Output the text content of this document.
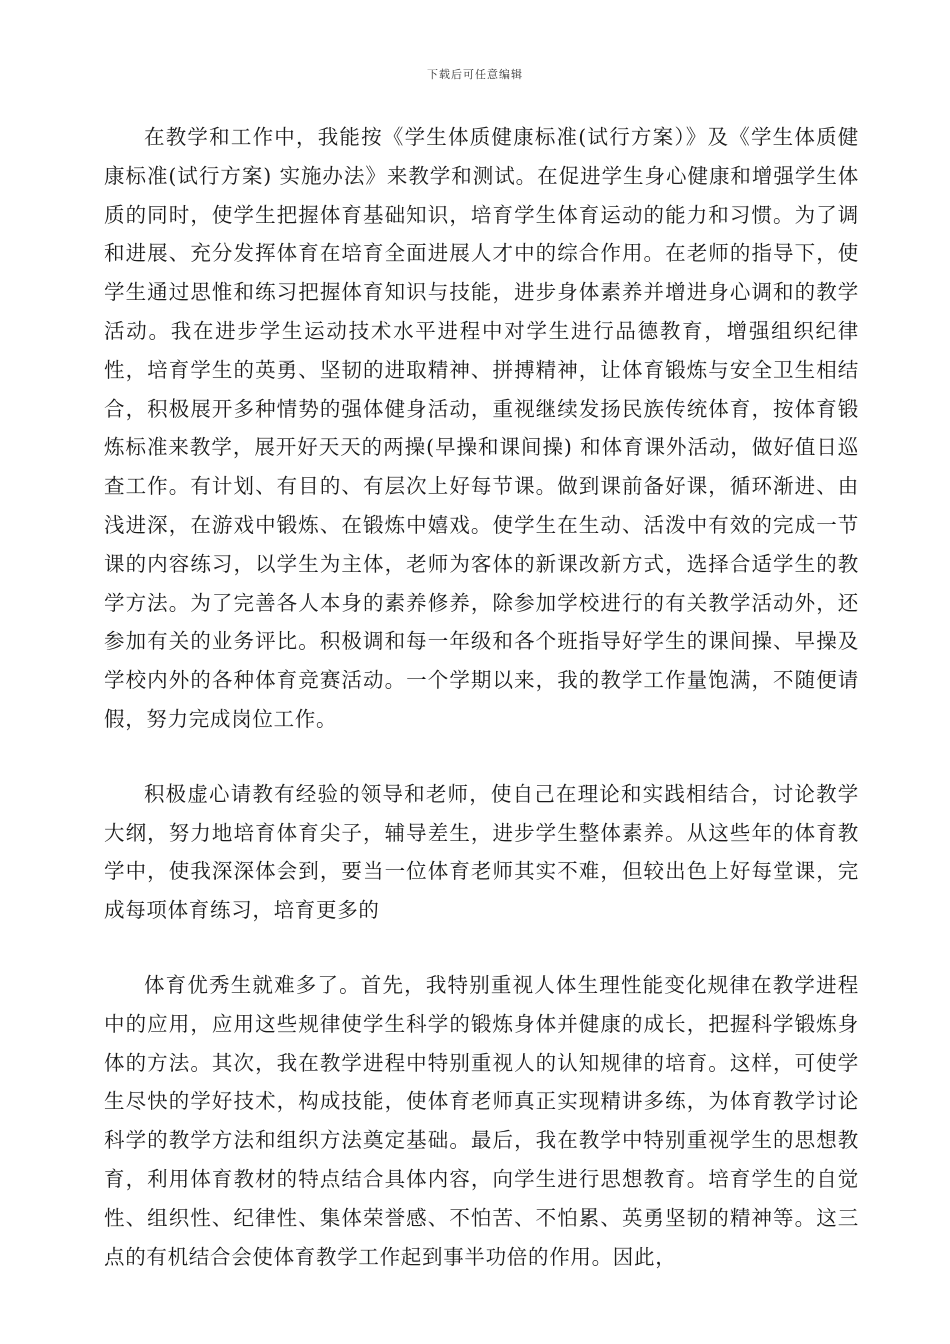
下载后可任意编辑

在教学和工作中，我能按《学生体质健康标准(试行方案）》及《学生体质健康标准(试行方案) 实施办法》来教学和测试。在促进学生身心健康和增强学生体质的同时，使学生把握体育基础知识，培育学生体育运动的能力和习惯。为了调和进展、充分发挥体育在培育全面进展人才中的综合作用。在老师的指导下，使学生通过思惟和练习把握体育知识与技能，进步身体素养并增进身心调和的教学活动。我在进步学生运动技术水平进程中对学生进行品德教育，增强组织纪律性，培育学生的英勇、坚韧的进取精神、拼搏精神，让体育锻炼与安全卫生相结合，积极展开多种情势的强体健身活动，重视继续发扬民族传统体育，按体育锻炼标准来教学，展开好天天的两操(早操和课间操) 和体育课外活动，做好值日巡查工作。有计划、有目的、有层次上好每节课。做到课前备好课，循环渐进、由浅进深，在游戏中锻炼、在锻炼中嬉戏。使学生在生动、活泼中有效的完成一节课的内容练习，以学生为主体，老师为客体的新课改新方式，选择合适学生的教学方法。为了完善各人本身的素养修养，除参加学校进行的有关教学活动外，还参加有关的业务评比。积极调和每一年级和各个班指导好学生的课间操、早操及学校内外的各种体育竞赛活动。一个学期以来，我的教学工作量饱满，不随便请假，努力完成岗位工作。

积极虚心请教有经验的领导和老师，使自己在理论和实践相结合，讨论教学大纲，努力地培育体育尖子，辅导差生，进步学生整体素养。从这些年的体育教学中，使我深深体会到，要当一位体育老师其实不难，但较出色上好每堂课，完成每项体育练习，培育更多的

体育优秀生就难多了。首先，我特别重视人体生理性能变化规律在教学进程中的应用，应用这些规律使学生科学的锻炼身体并健康的成长，把握科学锻炼身体的方法。其次，我在教学进程中特别重视人的认知规律的培育。这样，可使学生尽快的学好技术，构成技能，使体育老师真正实现精讲多练，为体育教学讨论科学的教学方法和组织方法奠定基础。最后，我在教学中特别重视学生的思想教育，利用体育教材的特点结合具体内容，向学生进行思想教育。培育学生的自觉性、组织性、纪律性、集体荣誉感、不怕苦、不怕累、英勇坚韧的精神等。这三点的有机结合会使体育教学工作起到事半功倍的作用。因此，
